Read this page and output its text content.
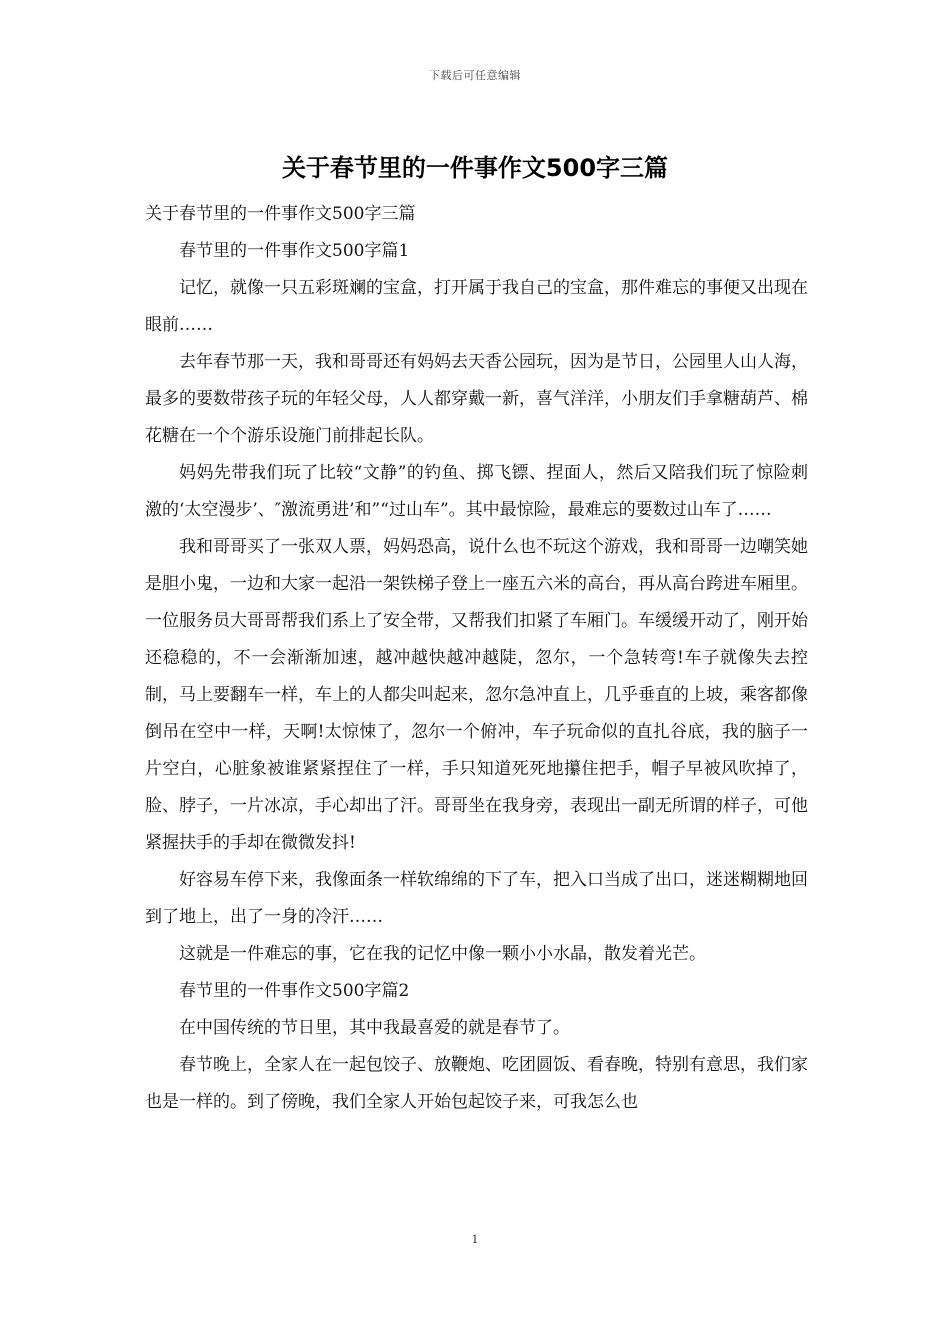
下载后可任意编辑
关于春节里的一件事作文500字三篇

关于春节里的一件事作文500字三篇

春节里的一件事作文500字篇1

记忆，就像一只五彩斑斓的宝盒，打开属于我自己的宝盒，那件难忘的事便又出现在眼前……

去年春节那一天，我和哥哥还有妈妈去天香公园玩，因为是节日，公园里人山人海，最多的要数带孩子玩的年轻父母，人人都穿戴一新，喜气洋洋，小朋友们手拿糖葫芦、棉花糖在一个个游乐设施门前排起长队。

妈妈先带我们玩了比较“文静”的钓鱼、掷飞镖、捏面人，然后又陪我们玩了惊险刺激的‘太空漫步’、″激流勇进’和”“过山车”。其中最惊险，最难忘的要数过山车了……

我和哥哥买了一张双人票，妈妈恐高，说什么也不玩这个游戏，我和哥哥一边嘲笑她是胆小鬼，一边和大家一起沿一架铁梯子登上一座五六米的高台，再从高台跨进车厢里。一位服务员大哥哥帮我们系上了安全带，又帮我们扣紧了车厢门。车缓缓开动了，刚开始还稳稳的，不一会渐渐加速，越冲越快越冲越陡，忽尔，一个急转弯!车子就像失去控制，马上要翻车一样，车上的人都尖叫起来，忽尔急冲直上，几乎垂直的上坡，乘客都像倒吊在空中一样，天啊!太惊悚了，忽尔一个俯冲，车子玩命似的直扎谷底，我的脑子一片空白，心脏象被谁紧紧捏住了一样，手只知道死死地攥住把手，帽子早被风吹掉了，脸、脖子，一片冰凉，手心却出了汗。哥哥坐在我身旁，表现出一副无所谓的样子，可他紧握扶手的手却在微微发抖!

好容易车停下来，我像面条一样软绵绵的下了车，把入口当成了出口，迷迷糊糊地回到了地上，出了一身的冷汗……

这就是一件难忘的事，它在我的记忆中像一颗小小水晶，散发着光芒。

春节里的一件事作文500字篇2

在中国传统的节日里，其中我最喜爱的就是春节了。

春节晚上，全家人在一起包饺子、放鞭炮、吃团圆饭、看春晚，特别有意思，我们家也是一样的。到了傍晚，我们全家人开始包起饺子来，可我怎么也

1
